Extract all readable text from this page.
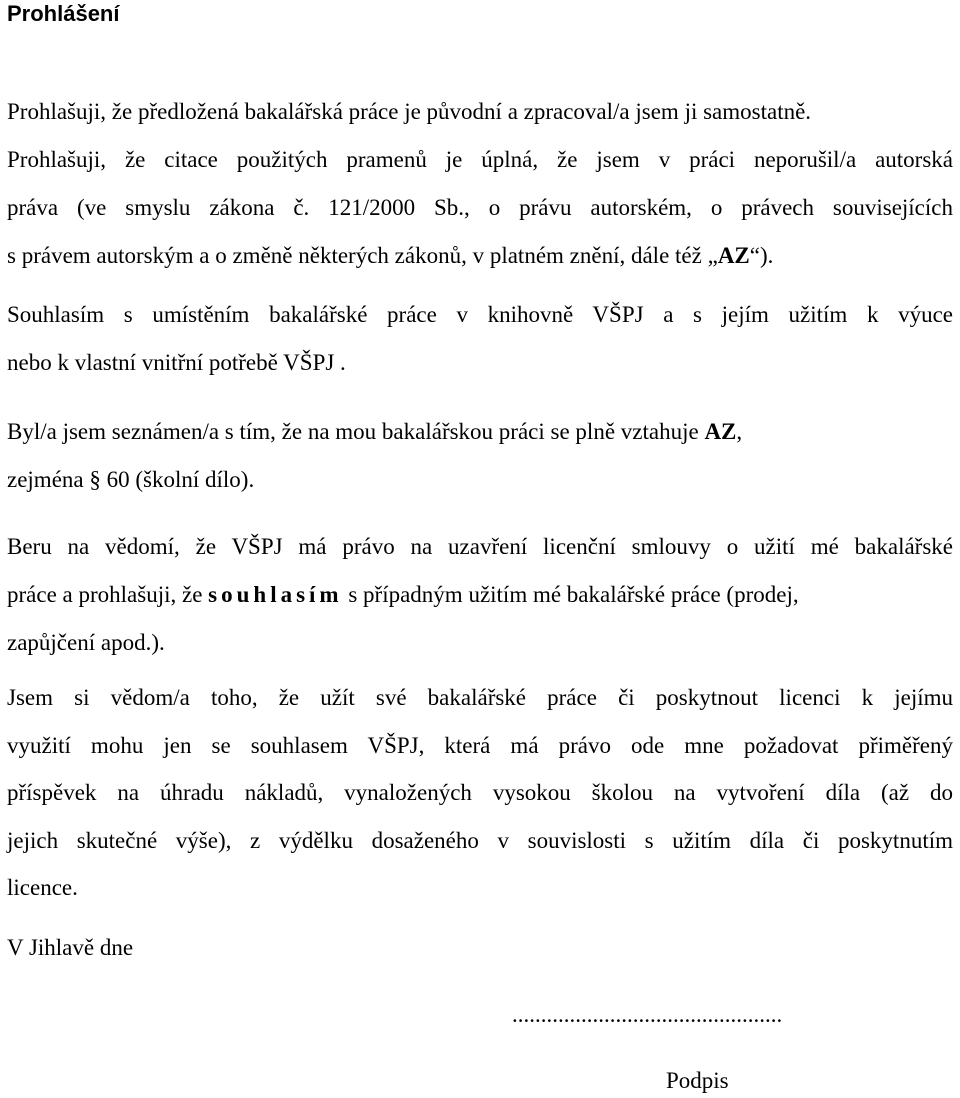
Prohlášení
Prohlašuji, že předložená bakalářská práce je původní a zpracoval/a jsem ji samostatně.
Prohlašuji, že citace použitých pramenů je úplná, že jsem v práci neporušil/a autorská
práva (ve smyslu zákona č. 121/2000 Sb., o právu autorském, o právech souvisejících
s právem autorským a o změně některých zákonů, v platném znění, dále též „AZ“).
Souhlasím s umístěním bakalářské práce v knihovně VŠPJ a s jejím užitím k výuce
nebo k vlastní vnitřní potřebě VŠPJ .
Byl/a jsem seznámen/a s tím, že na mou bakalářskou práci se plně vztahuje AZ,
zejména § 60 (školní dílo).
Beru na vědomí, že VŠPJ má právo na uzavření licenční smlouvy o užití mé bakalářské
práce a prohlašuji, že souhlasím s případným užitím mé bakalářské práce (prodej,
zapůjčení apod.).
Jsem si vědom/a toho, že užít své bakalářské práce či poskytnout licenci k jejímu
využití mohu jen se souhlasem VŠPJ, která má právo ode mne požadovat přiměřený
příspěvek na úhradu nákladů, vynaložených vysokou školou na vytvoření díla (až do
jejich skutečné výše), z výdělku dosaženého v souvislosti s užitím díla či poskytnutím
licence.
V Jihlavě dne
...............................................
Podpis
